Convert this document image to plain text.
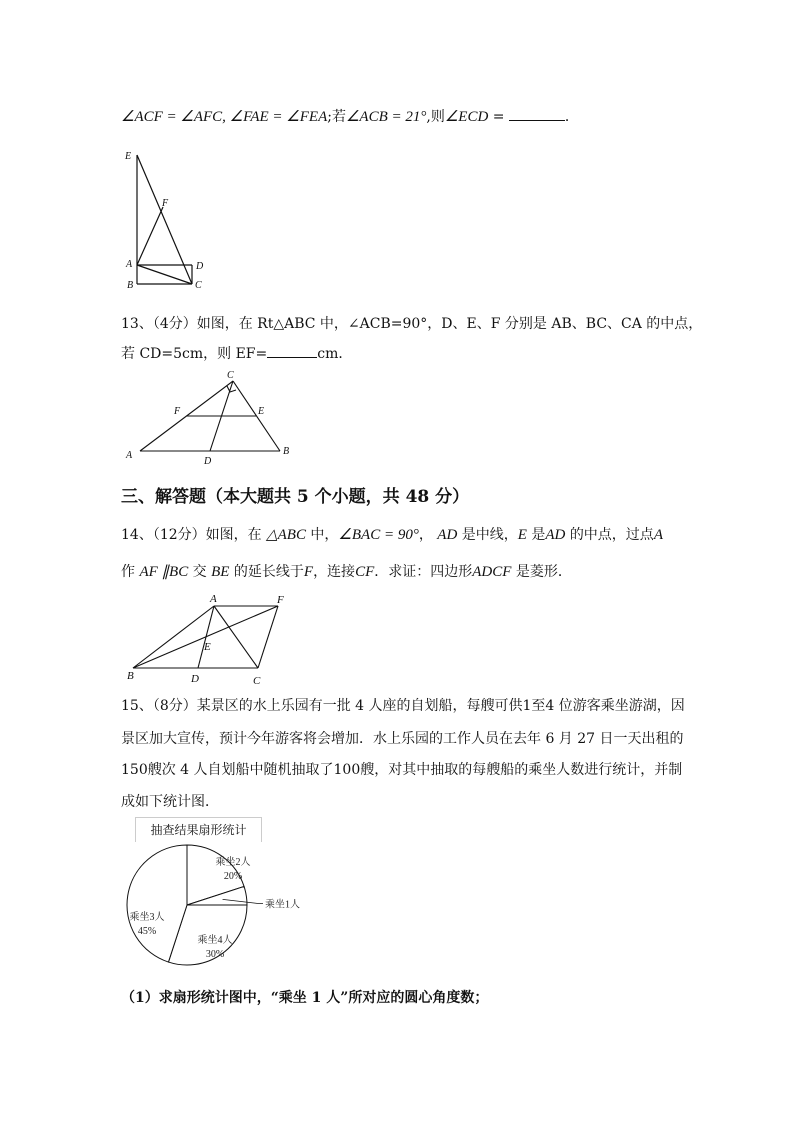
∠ACF = ∠AFC, ∠FAE = ∠FEA;若∠ACB = 21°,则∠ECD =	．
E
F
A	D
B	C
13、（4分）如图，在 Rt△ABC 中，∠ACB=90°，D、E、F 分别是 AB、BC、CA 的中点，
若 CD=5cm，则 EF=	cm．
C
F	E
A
D
B
三、解答题（本大题共 5 个小题，共 48 分）
14、（12分）如图，在 △ABC 中，∠BAC = 90°， AD 是中线，E 是AD 的中点，过点A
作 AF ∥BC 交 BE 的延长线于F，连接CF．求证：四边形ADCF 是菱形．
A	F
E
B	D	C
15、（8分）某景区的水上乐园有一批 4 人座的自划船，每艘可供1至4 位游客乘坐游湖，因
景区加大宣传，预计今年游客将会增加．水上乐园的工作人员在去年 6 月 27 日一天出租的
150艘次 4 人自划船中随机抽取了100艘，对其中抽取的每艘船的乘坐人数进行统计，并制
成如下统计图．
抽查结果扇形统计
乘坐2人
20%
乘坐1人
乘坐4人
30%
乘坐3人
45%
（1）求扇形统计图中，“乘坐 1 人”所对应的圆心角度数；
